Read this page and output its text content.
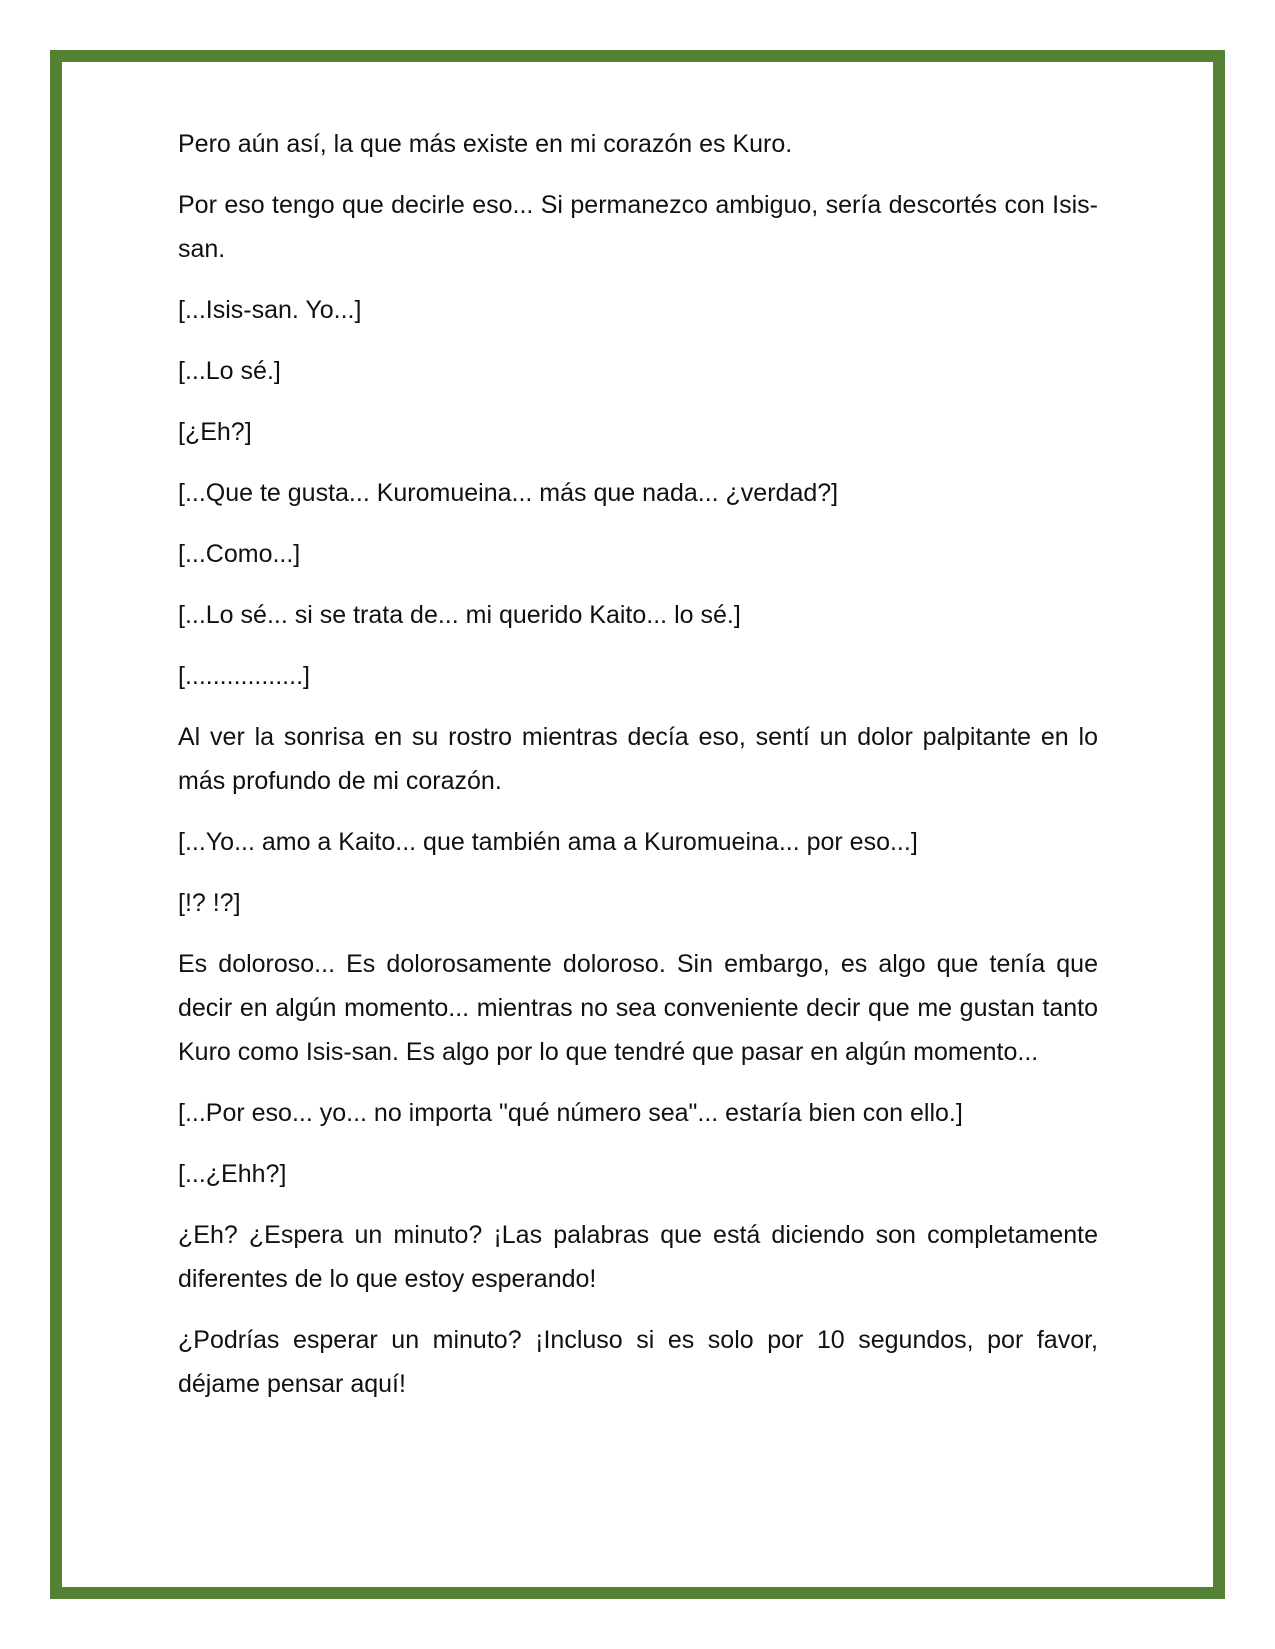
Pero aún así, la que más existe en mi corazón es Kuro.

Por eso tengo que decirle eso... Si permanezco ambiguo, sería descortés con Isis-san.

[...Isis-san. Yo...]

[...Lo sé.]

[¿Eh?]

[...Que te gusta... Kuromueina... más que nada... ¿verdad?]

[...Como...]

[...Lo sé... si se trata de... mi querido Kaito... lo sé.]

[.................]

Al ver la sonrisa en su rostro mientras decía eso, sentí un dolor palpitante en lo más profundo de mi corazón.

[...Yo... amo a Kaito... que también ama a Kuromueina... por eso...]

[!? !?]

Es doloroso... Es dolorosamente doloroso. Sin embargo, es algo que tenía que decir en algún momento... mientras no sea conveniente decir que me gustan tanto Kuro como Isis-san. Es algo por lo que tendré que pasar en algún momento...

[...Por eso... yo... no importa "qué número sea"... estaría bien con ello.]

[...¿Ehh?]

¿Eh? ¿Espera un minuto? ¡Las palabras que está diciendo son completamente diferentes de lo que estoy esperando!

¿Podrías esperar un minuto? ¡Incluso si es solo por 10 segundos, por favor, déjame pensar aquí!
